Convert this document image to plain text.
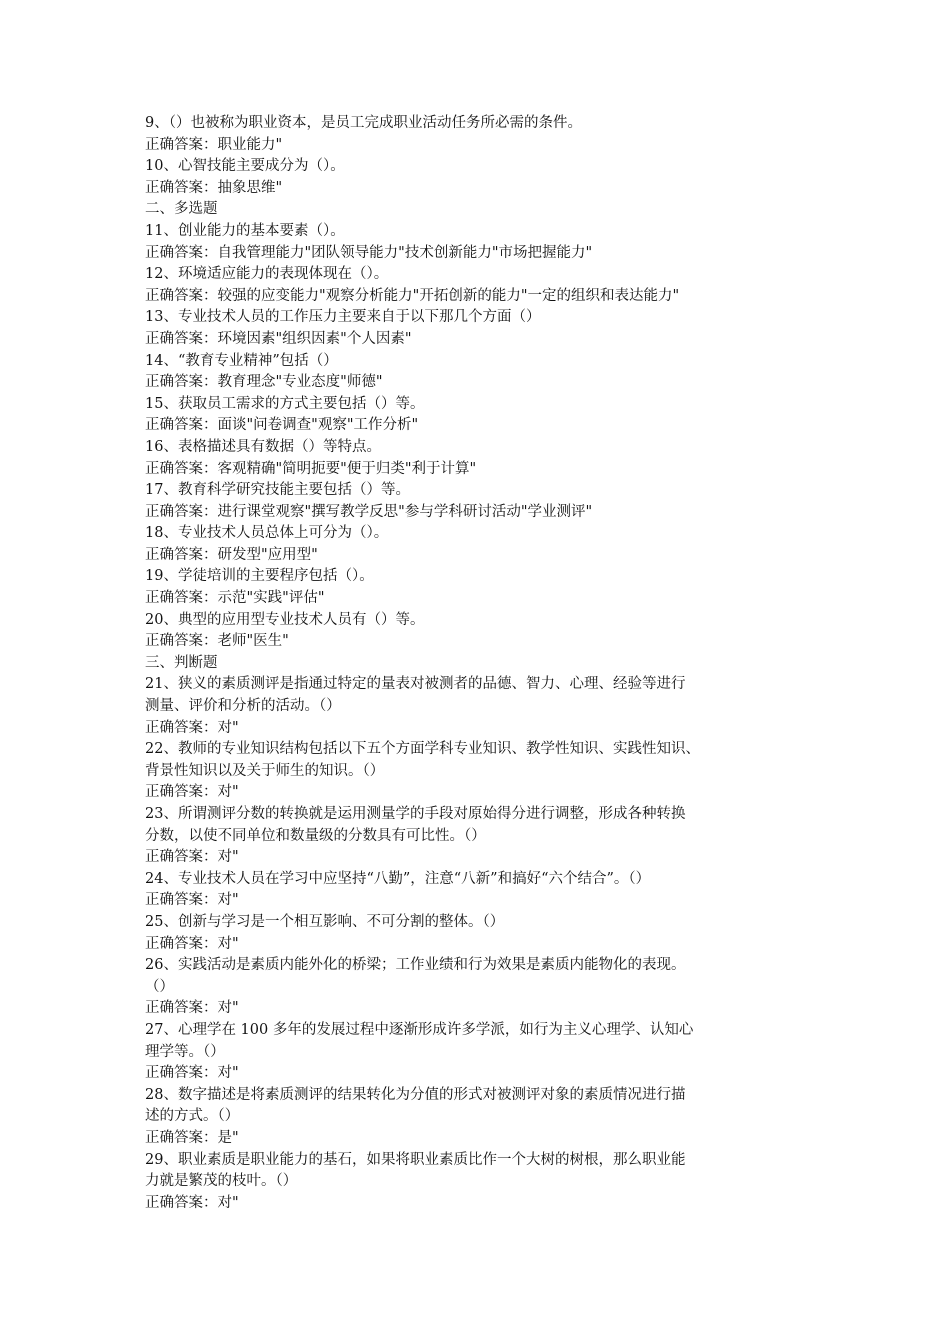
9、（）也被称为职业资本，是员工完成职业活动任务所必需的条件。

正确答案：职业能力"

10、心智技能主要成分为（）。

正确答案：抽象思维"

二、多选题

11、创业能力的基本要素（）。

正确答案：自我管理能力"团队领导能力"技术创新能力"市场把握能力"

12、环境适应能力的表现体现在（）。

正确答案：较强的应变能力"观察分析能力"开拓创新的能力"一定的组织和表达能力"

13、专业技术人员的工作压力主要来自于以下那几个方面（）

正确答案：环境因素"组织因素"个人因素"

14、“教育专业精神”包括（）

正确答案：教育理念"专业态度"师德"

15、获取员工需求的方式主要包括（）等。

正确答案：面谈"问卷调查"观察"工作分析"

16、表格描述具有数据（）等特点。

正确答案：客观精确"简明扼要"便于归类"利于计算"

17、教育科学研究技能主要包括（）等。

正确答案：进行课堂观察"撰写教学反思"参与学科研讨活动"学业测评"

18、专业技术人员总体上可分为（）。

正确答案：研发型"应用型"

19、学徒培训的主要程序包括（）。

正确答案：示范"实践"评估"

20、典型的应用型专业技术人员有（）等。

正确答案：老师"医生"

三、判断题

21、狭义的素质测评是指通过特定的量表对被测者的品德、智力、心理、经验等进行

测量、评价和分析的活动。（）

正确答案：对"

22、教师的专业知识结构包括以下五个方面学科专业知识、教学性知识、实践性知识、

背景性知识以及关于师生的知识。（）

正确答案：对"

23、所谓测评分数的转换就是运用测量学的手段对原始得分进行调整，形成各种转换

分数，以使不同单位和数量级的分数具有可比性。（）

正确答案：对"

24、专业技术人员在学习中应坚持“八勤”，注意“八新”和搞好“六个结合”。（）

正确答案：对"

25、创新与学习是一个相互影响、不可分割的整体。（）

正确答案：对"

26、实践活动是素质内能外化的桥梁；工作业绩和行为效果是素质内能物化的表现。

（）

正确答案：对"

27、心理学在 100 多年的发展过程中逐渐形成许多学派，如行为主义心理学、认知心

理学等。（）

正确答案：对"

28、数字描述是将素质测评的结果转化为分值的形式对被测评对象的素质情况进行描

述的方式。（）

正确答案：是"

29、职业素质是职业能力的基石，如果将职业素质比作一个大树的树根，那么职业能

力就是繁茂的枝叶。（）

正确答案：对"
